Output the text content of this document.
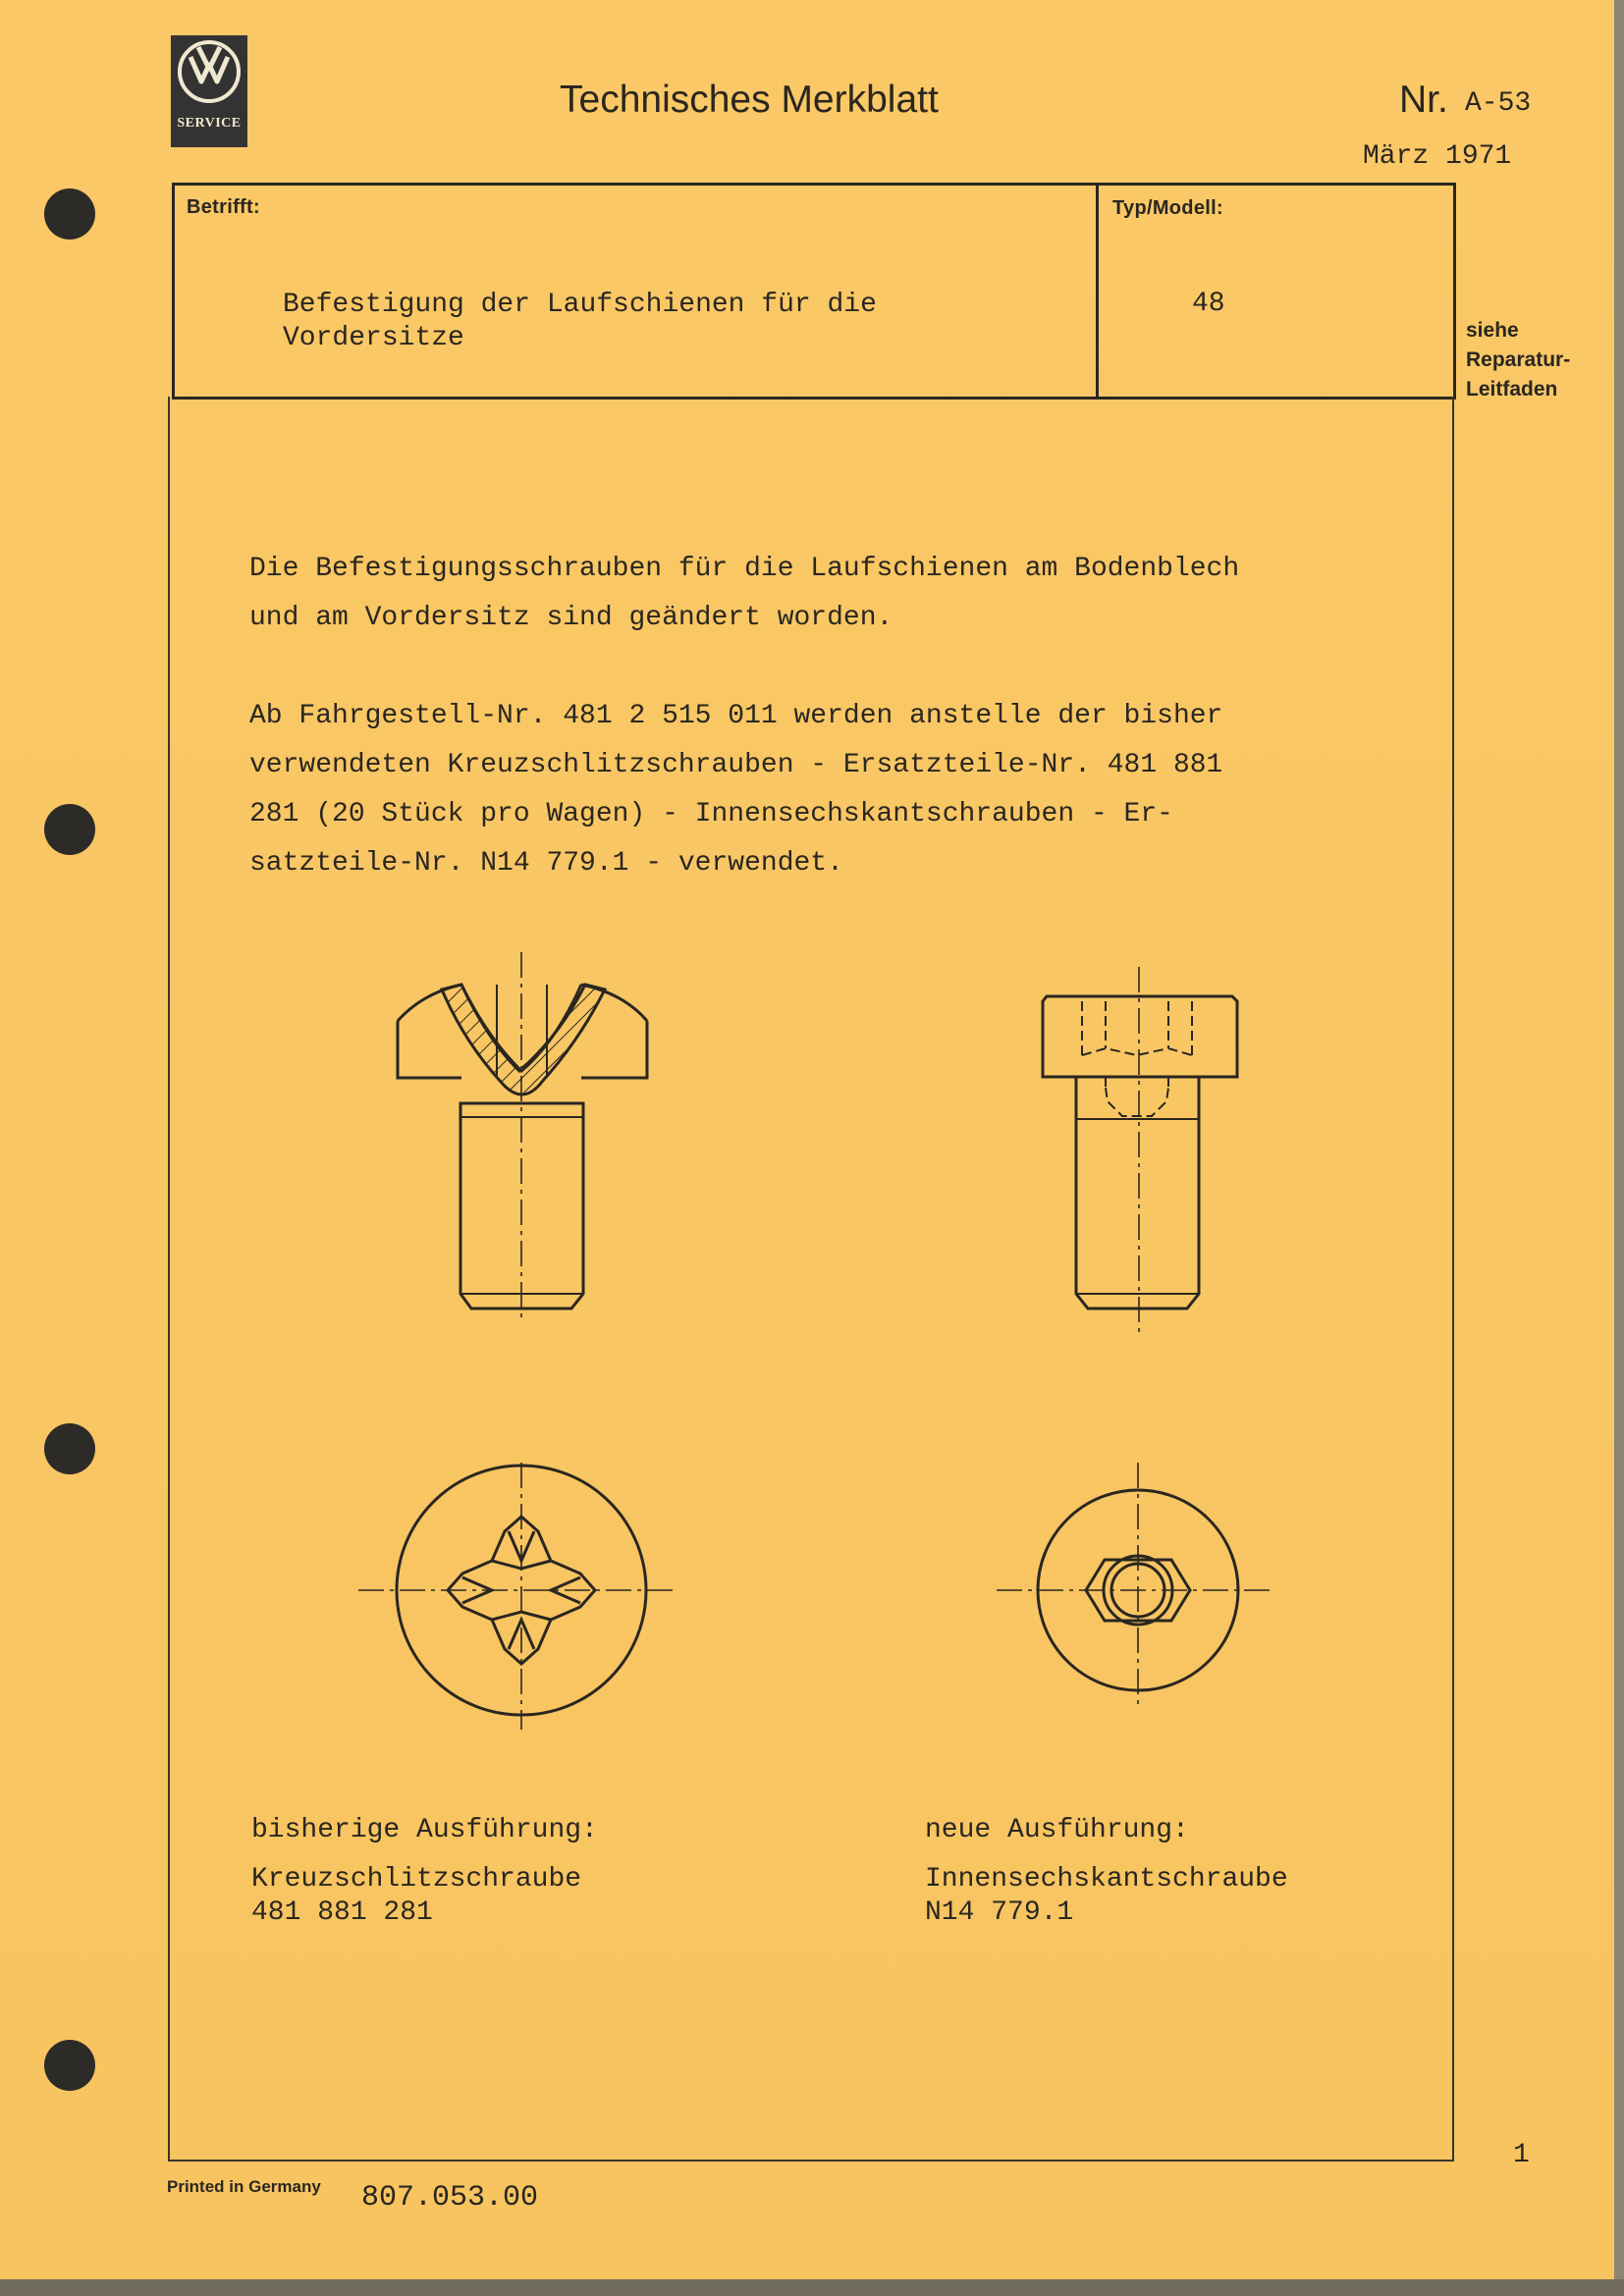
SERVICE
Technisches Merkblatt	Nr. A-53
März 1971
Betrifft:	Typ/Modell:
Befestigung der Laufschienen für die
Vordersitze
48
siehe
Reparatur-
Leitfaden
Die Befestigungsschrauben für die Laufschienen am Bodenblech
und am Vordersitz sind geändert worden.
Ab Fahrgestell-Nr. 481 2 515 011 werden anstelle der bisher
verwendeten Kreuzschlitzschrauben - Ersatzteile-Nr. 481 881
281 (20 Stück pro Wagen) - Innensechskantschrauben - Er-
satzteile-Nr. N14 779.1 - verwendet.
bisherige Ausführung:
Kreuzschlitzschraube
481 881 281
neue Ausführung:
Innensechskantschraube
N14 779.1
1
Printed in Germany 807.053.00
